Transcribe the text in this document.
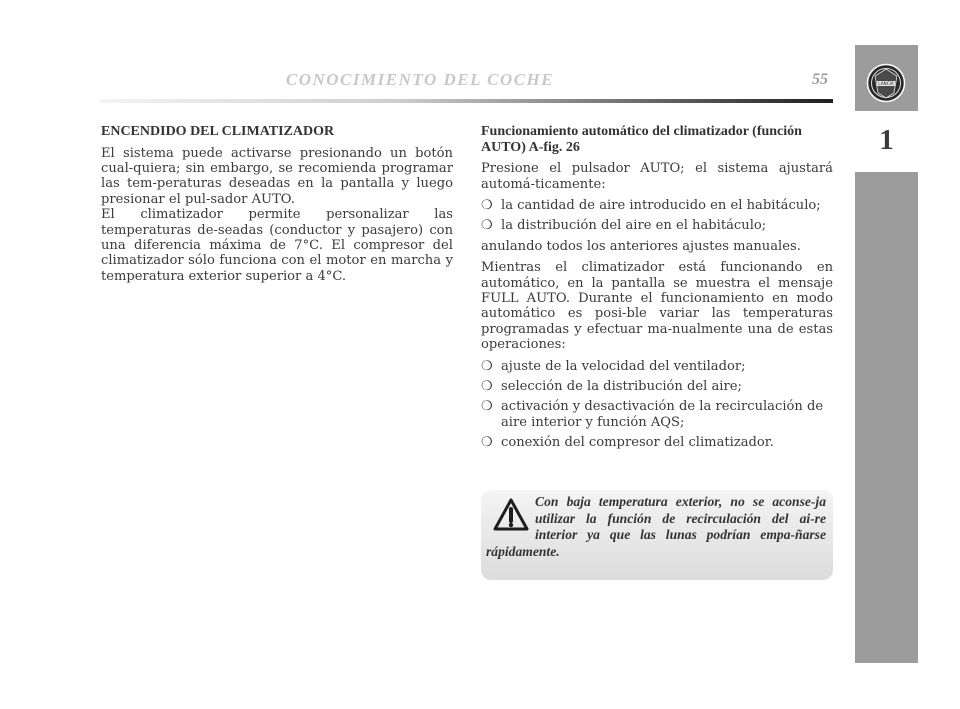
CONOCIMIENTO DEL COCHE	55
1
LANCIA
ENCENDIDO DEL CLIMATIZADOR

El sistema puede activarse presionando un botón cual-quiera; sin embargo, se recomienda programar las tem-peraturas deseadas en la pantalla y luego presionar el pul-sador AUTO.

El climatizador permite personalizar las temperaturas de-seadas (conductor y pasajero) con una diferencia máxima de 7°C. El compresor del climatizador sólo funciona con el motor en marcha y temperatura exterior superior a 4°C.

Funcionamiento automático del climatizador (función AUTO) A-fig. 26

Presione el pulsador AUTO; el sistema ajustará automá-ticamente:

❍ la cantidad de aire introducido en el habitáculo;
❍ la distribución del aire en el habitáculo;

anulando todos los anteriores ajustes manuales.

Mientras el climatizador está funcionando en automático, en la pantalla se muestra el mensaje FULL AUTO. Durante el funcionamiento en modo automático es posi-ble variar las temperaturas programadas y efectuar ma-nualmente una de estas operaciones:

❍ ajuste de la velocidad del ventilador;
❍ selección de la distribución del aire;
❍ activación y desactivación de la recirculación de aire interior y función AQS;
❍ conexión del compresor del climatizador.
Con baja temperatura exterior, no se aconse-ja utilizar la función de recirculación del ai-re interior ya que las lunas podrían empa-ñarse rápidamente.
